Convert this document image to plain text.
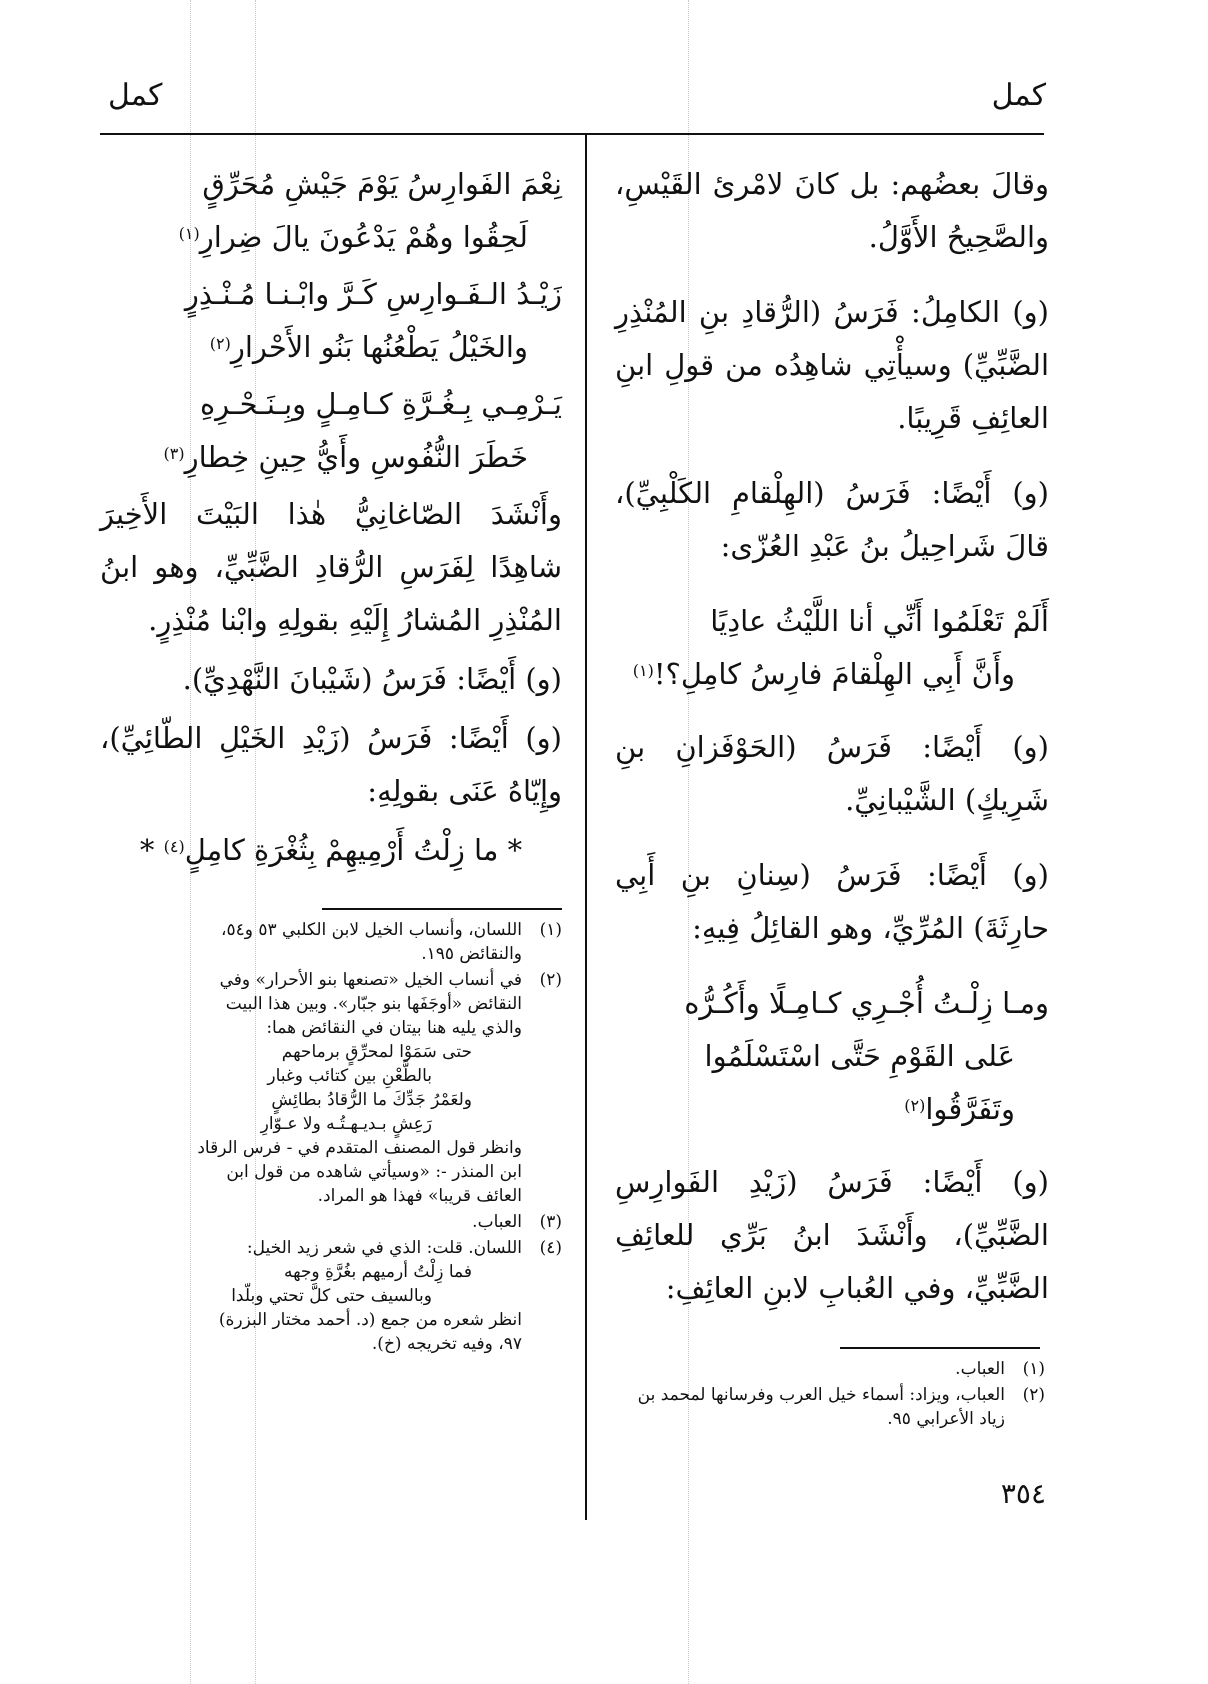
كمل
كمل

وقالَ بعضُهم: بل كانَ لامْرئ القَيْسِ، والصَّحِيحُ الأَوَّلُ.

(و) الكامِلُ: فَرَسُ (الرُّقادِ بنِ المُنْذِرِ الضَّبِّيِّ) وسيأْتِي شاهِدُه من قولِ ابنِ العائِفِ قَرِيبًا.

(و) أَيْضًا: فَرَسُ (الهِلْقامِ الكَلْبِيِّ)، قالَ شَراحِيلُ بنُ عَبْدِ العُزّى:

أَلَمْ تَعْلَمُوا أَنِّي أنا اللَّيْثُ عادِيًا

وأَنَّ أَبِي الهِلْقامَ فارِسُ كامِلِ؟!$^{(١)}$

(و) أَيْضًا: فَرَسُ (الحَوْفَزانِ بنِ شَرِيكٍ) الشَّيْبانِيِّ.

(و) أَيْضًا: فَرَسُ (سِنانِ بنِ أَبِي حارِثَةَ) المُرِّيِّ، وهو القائِلُ فِيهِ:

ومـا زِلْـتُ أُجْـرِي كـامِـلًا وأَكُـرُّه

عَلى القَوْمِ حَتَّى اسْتَسْلَمُوا وتَفَرَّقُوا$^{(٢)}$

(و) أَيْضًا: فَرَسُ (زَيْدِ الفَوارِسِ الضَّبِّيِّ)، وأَنْشَدَ ابنُ بَرِّي للعائِفِ الضَّبِّيِّ، وفي العُبابِ لابنِ العائِفِ:

نِعْمَ الفَوارِسُ يَوْمَ جَيْشِ مُحَرِّقٍ

لَحِقُوا وهُمْ يَدْعُونَ يالَ ضِرارِ$^{(١)}$

زَيْـدُ الـفَـوارِسِ كَـرَّ وابْـنـا مُـنْـذِرٍ

والخَيْلُ يَطْعُنُها بَنُو الأَحْرارِ$^{(٢)}$

يَـرْمِـي بِـغُـرَّةِ كـامِـلٍ وبِـنَـحْـرِهِ

خَطَرَ النُّفُوسِ وأَيُّ حِينِ خِطارِ$^{(٣)}$

وأَنْشَدَ الصّاغانِيُّ هٰذا البَيْتَ الأَخِيرَ شاهِدًا لِفَرَسِ الرُّقادِ الضَّبِّيِّ، وهو ابنُ المُنْذِرِ المُشارُ إِلَيْهِ بقولِهِ وابْنا مُنْذِرٍ.

(و) أَيْضًا: فَرَسُ (شَيْبانَ النَّهْدِيِّ).

(و) أَيْضًا: فَرَسُ (زَيْدِ الخَيْلِ الطّائِيِّ)، وإِيّاهُ عَنَى بقولِهِ:

* ما زِلْتُ أَرْمِيهِمْ بِثُغْرَةِ كامِلٍ$^{(٤)}$ *

(١)
العباب.
(٢)
العباب، ويزاد: أسماء خيل العرب وفرسانها لمحمد بن زياد الأعرابي ٩٥.
(١)
اللسان، وأنساب الخيل لابن الكلبي ٥٣ و٥٤،
والنقائض ١٩٥.
(٢)
في أنساب الخيل «تصنعها بنو الأحرار» وفي
النقائض «أوجَفَها بنو جبّار». وبين هذا البيت
والذي يليه هنا بيتان في النقائض هما:
حتى سَمَوْا لمحرِّقٍ برماحهم
بالطَّعْنِ بين كتائب وغبار
ولعَمْرُ جَدِّكَ ما الرُّقادُ بطائِشٍ
رَعِشٍ بـديـهـتُـه ولا عـوّارِ
وانظر قول المصنف المتقدم في - فرس الرقاد
ابن المنذر -: «وسيأتي شاهده من قول ابن
العائف قريبا» فهذا هو المراد.
(٣)
العباب.
(٤)
اللسان. قلت: الذي في شعر زيد الخيل:
فما زِلْتُ أرميهم بغُرَّةِ وجهه
وبالسيف حتى كلَّ تحتي وبلّدا
انظر شعره من جمع (د. أحمد مختار البزرة)
٩٧، وفيه تخريجه (خ).
٣٥٤
